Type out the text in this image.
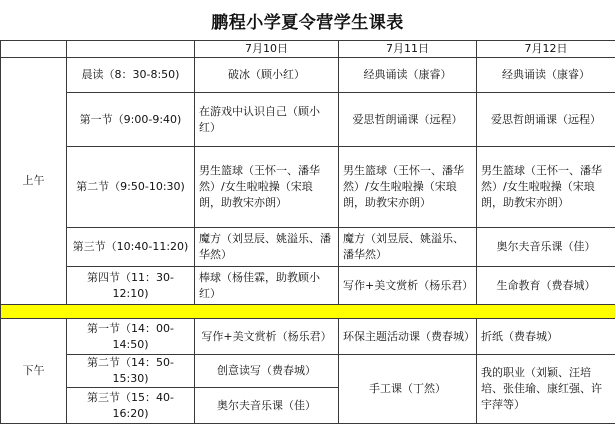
鹏程小学夏令营学生课表
		7月10日	7月11日	7月12日
上午	晨读（8：30-8:50)	破冰（顾小红）	经典诵读（康睿）	经典诵读（康睿）
	第一节（9:00-9:40)	在游戏中认识自己（顾小红）	爱思哲朗诵课（远程）	爱思哲朗诵课（远程）
	第二节（9:50-10:30)	男生篮球（王怀一、潘华然）/女生啦啦操（宋琅朗，助教宋亦朗）	男生篮球（王怀一、潘华然）/女生啦啦操（宋琅朗，助教宋亦朗）	男生篮球（王怀一、潘华然）/女生啦啦操（宋琅朗，助教宋亦朗）
	第三节（10:40-11:20)	魔方（刘昱辰、姚溢乐、潘华然）	魔方（刘昱辰、姚溢乐、潘华然）	奥尔夫音乐课（佳）
	第四节（11：30-12:10)	棒球（杨佳霖，助教顾小红）	写作+美文赏析（杨乐君）	生命教育（费春城）

下午	第一节（14：00-14:50)	写作+美文赏析（杨乐君）	环保主题活动课（费春城）	折纸（费春城）
	第二节（14：50-15:30)	创意读写（费春城）	手工课（丁然）	我的职业（刘颖、汪培培、张佳瑜、康红强、许宇萍等）
	第三节（15：40-16:20)	奥尔夫音乐课（佳）		
